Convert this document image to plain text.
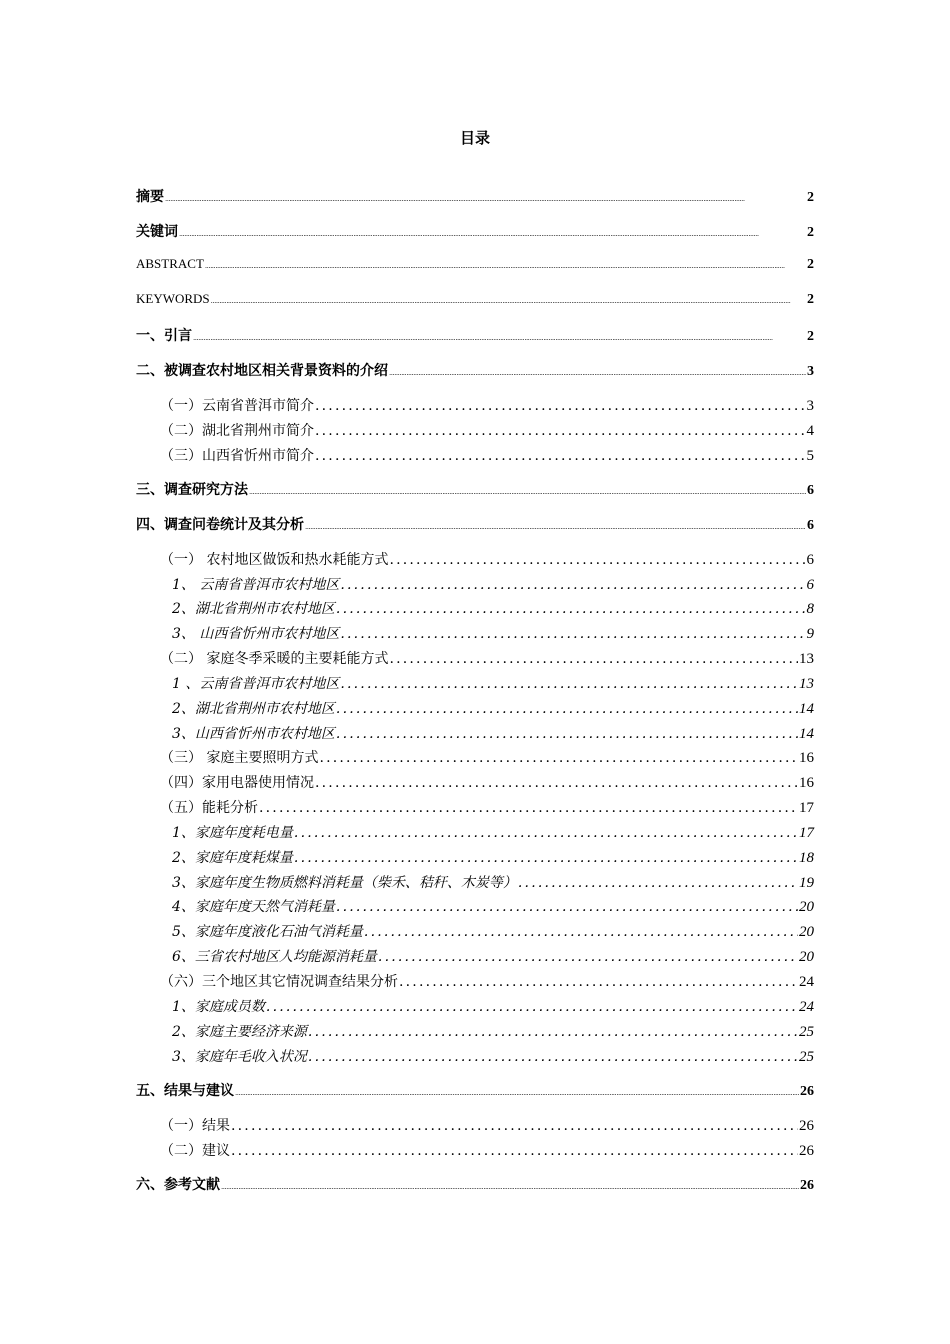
目录
摘要 .....	2
关键词 .....	2
ABSTRACT .....	2
KEYWORDS .....	2
一、引言 .....	2
二、被调查农村地区相关背景资料的介绍 .....	3
（一）云南省普洱市简介 .....	3
（二）湖北省荆州市简介 .....	4
（三）山西省忻州市简介 .....	5
三、调查研究方法 .....	6
四、调查问卷统计及其分析 .....	6
（一） 农村地区做饭和热水耗能方式 .....	6
1、 云南省普洱市农村地区 .....	6
2、湖北省荆州市农村地区 .....	8
3、 山西省忻州市农村地区 .....	9
（二） 家庭冬季采暖的主要耗能方式 .....	13
1 、云南省普洱市农村地区 .....	13
2、湖北省荆州市农村地区 .....	14
3、山西省忻州市农村地区 .....	14
（三） 家庭主要照明方式 .....	16
（四）家用电器使用情况 .....	16
（五）能耗分析 .....	17
1、家庭年度耗电量 .....	17
2、家庭年度耗煤量 .....	18
3、家庭年度生物质燃料消耗量（柴禾、秸秆、木炭等） .....	19
4、家庭年度天然气消耗量 .....	20
5、家庭年度液化石油气消耗量 .....	20
6、三省农村地区人均能源消耗量 .....	20
（六）三个地区其它情况调查结果分析 .....	24
1、家庭成员数 .....	24
2、家庭主要经济来源 .....	25
3、家庭年毛收入状况 .....	25
五、结果与建议 .....	26
（一）结果 .....	26
（二）建议 .....	26
六、参考文献 .....	26
